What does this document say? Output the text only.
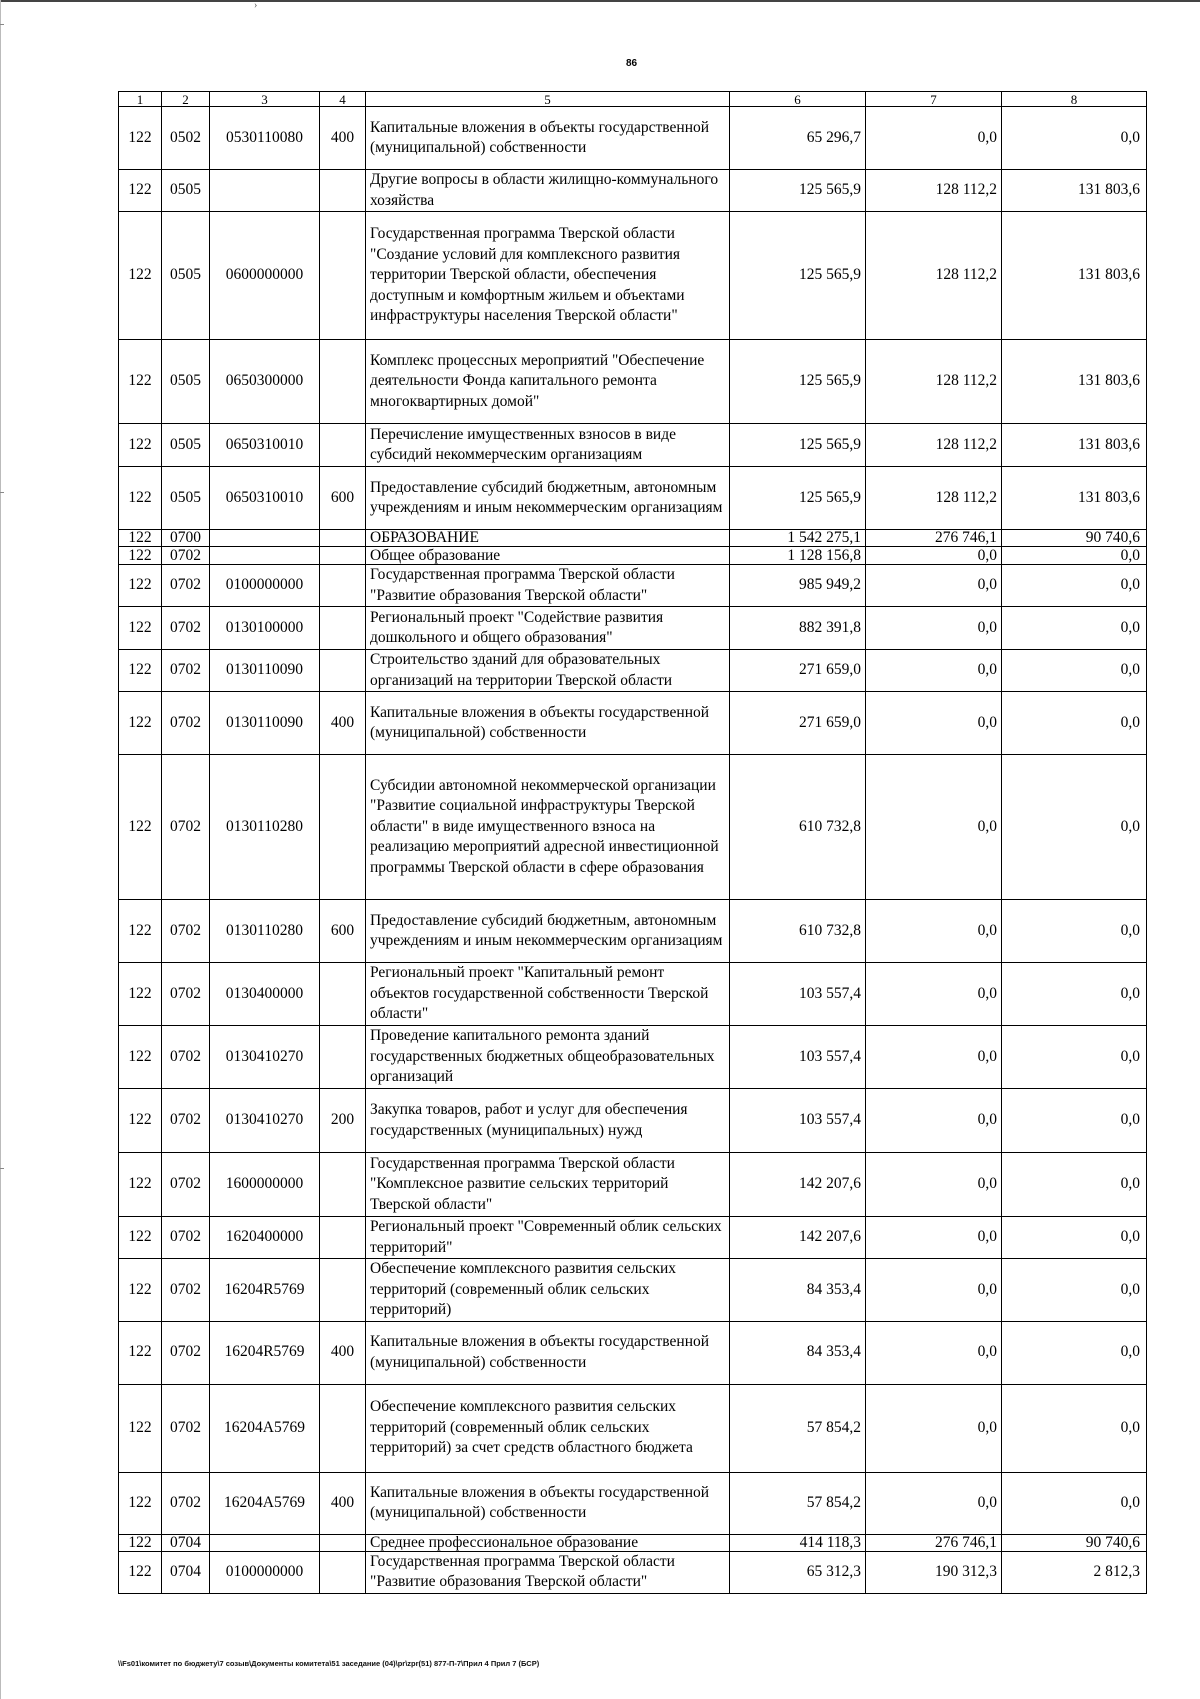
›
86
1	2	3	4	5	6	7	8
122	0502	0530110080	400	Капитальные вложения в объекты государственной (муниципальной) собственности	65 296,7	0,0	0,0
122	0505			Другие вопросы в области жилищно-коммунального хозяйства	125 565,9	128 112,2	131 803,6
122	0505	0600000000		Государственная программа Тверской области "Создание условий для комплексного развития территории Тверской области, обеспечения доступным и комфортным жильем и объектами инфраструктуры населения Тверской области"	125 565,9	128 112,2	131 803,6
122	0505	0650300000		Комплекс процессных мероприятий "Обеспечение деятельности Фонда капитального ремонта многоквартирных домой"	125 565,9	128 112,2	131 803,6
122	0505	0650310010		Перечисление имущественных взносов в виде субсидий некоммерческим организациям	125 565,9	128 112,2	131 803,6
122	0505	0650310010	600	Предоставление субсидий бюджетным, автономным учреждениям и иным некоммерческим организациям	125 565,9	128 112,2	131 803,6
122	0700			ОБРАЗОВАНИЕ	1 542 275,1	276 746,1	90 740,6
122	0702			Общее образование	1 128 156,8	0,0	0,0
122	0702	0100000000		Государственная программа Тверской области "Развитие образования Тверской области"	985 949,2	0,0	0,0
122	0702	0130100000		Региональный проект "Содействие развития дошкольного и общего образования"	882 391,8	0,0	0,0
122	0702	0130110090		Строительство зданий для образовательных организаций на территории Тверской области	271 659,0	0,0	0,0
122	0702	0130110090	400	Капитальные вложения в объекты государственной (муниципальной) собственности	271 659,0	0,0	0,0
122	0702	0130110280		Субсидии автономной некоммерческой организации "Развитие социальной инфраструктуры Тверской области" в виде имущественного взноса на реализацию мероприятий адресной инвестиционной программы Тверской области в сфере образования	610 732,8	0,0	0,0
122	0702	0130110280	600	Предоставление субсидий бюджетным, автономным учреждениям и иным некоммерческим организациям	610 732,8	0,0	0,0
122	0702	0130400000		Региональный проект "Капитальный ремонт объектов государственной собственности Тверской области"	103 557,4	0,0	0,0
122	0702	0130410270		Проведение капитального ремонта зданий государственных бюджетных общеобразовательных организаций	103 557,4	0,0	0,0
122	0702	0130410270	200	Закупка товаров, работ и услуг для обеспечения государственных (муниципальных) нужд	103 557,4	0,0	0,0
122	0702	1600000000		Государственная программа Тверской области "Комплексное развитие сельских территорий Тверской области"	142 207,6	0,0	0,0
122	0702	1620400000		Региональный проект "Современный облик сельских территорий"	142 207,6	0,0	0,0
122	0702	16204R5769		Обеспечение комплексного развития сельских территорий (современный облик сельских территорий)	84 353,4	0,0	0,0
122	0702	16204R5769	400	Капитальные вложения в объекты государственной (муниципальной) собственности	84 353,4	0,0	0,0
122	0702	16204A5769		Обеспечение комплексного развития сельских территорий (современный облик сельских территорий) за счет средств областного бюджета	57 854,2	0,0	0,0
122	0702	16204A5769	400	Капитальные вложения в объекты государственной (муниципальной) собственности	57 854,2	0,0	0,0
122	0704			Среднее профессиональное образование	414 118,3	276 746,1	90 740,6
122	0704	0100000000		Государственная программа Тверской области "Развитие образования Тверской области"	65 312,3	190 312,3	2 812,3
\\Fs01\комитет по бюджету\7 созыв\Документы комитета\51 заседание (04)\pr\zpr(51) 877-П-7\Прил 4 Прил 7 (БСР)
